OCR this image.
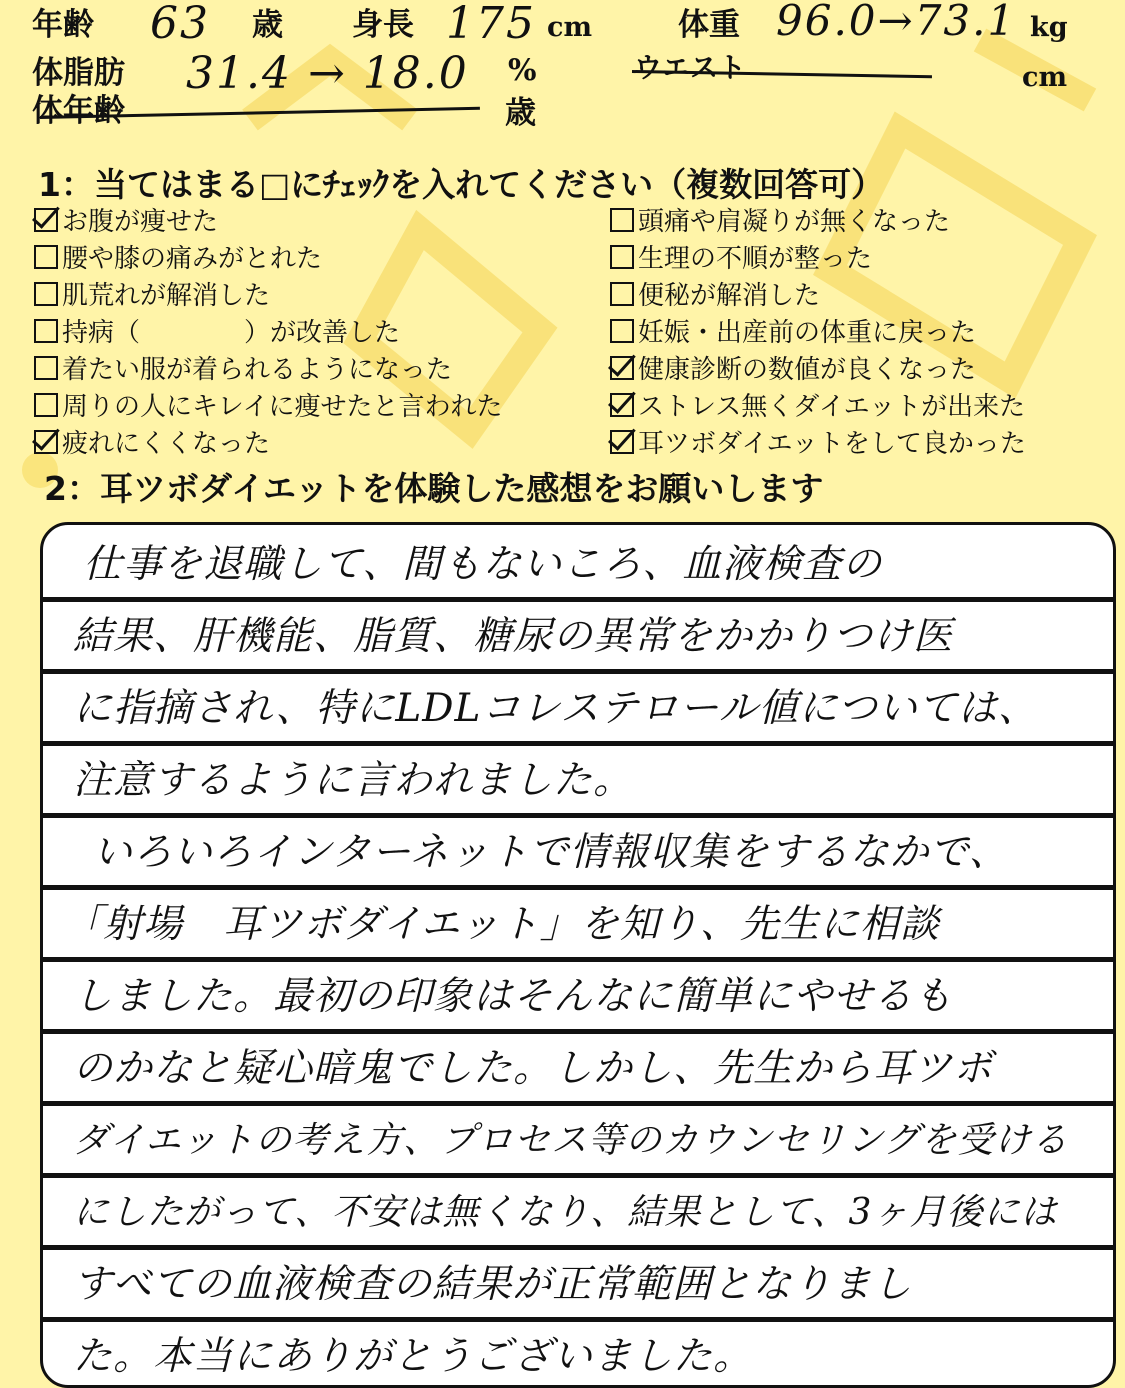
年齢 63 歳 身長 175 cm	体重 96.0→73.1 kg
体脂肪 31.4 → 18.0 %	ウエスト	cm
体年齢	歳
1：当てはまる□にﾁｪｯｸを入れてください（複数回答可）
お腹が痩せた
腰や膝の痛みがとれた
肌荒れが解消した
持病（　　　　）が改善した
着たい服が着られるようになった
周りの人にキレイに痩せたと言われた
疲れにくくなった
頭痛や肩凝りが無くなった
生理の不順が整った
便秘が解消した
妊娠・出産前の体重に戻った
健康診断の数値が良くなった
ストレス無くダイエットが出来た
耳ツボダイエットをして良かった
2：耳ツボダイエットを体験した感想をお願いします
仕事を退職して、間もないころ、血液検査の
結果、肝機能、脂質、糖尿の異常をかかりつけ医
に指摘され、特にLDLコレステロール値については、
注意するように言われました。
いろいろインターネットで情報収集をするなかで、
「射場　耳ツボダイエット」を知り、先生に相談
しました。最初の印象はそんなに簡単にやせるも
のかなと疑心暗鬼でした。しかし、先生から耳ツボ
ダイエットの考え方、プロセス等のカウンセリングを受ける
にしたがって、不安は無くなり、結果として、3ヶ月後には
すべての血液検査の結果が正常範囲となりまし
た。本当にありがとうございました。
